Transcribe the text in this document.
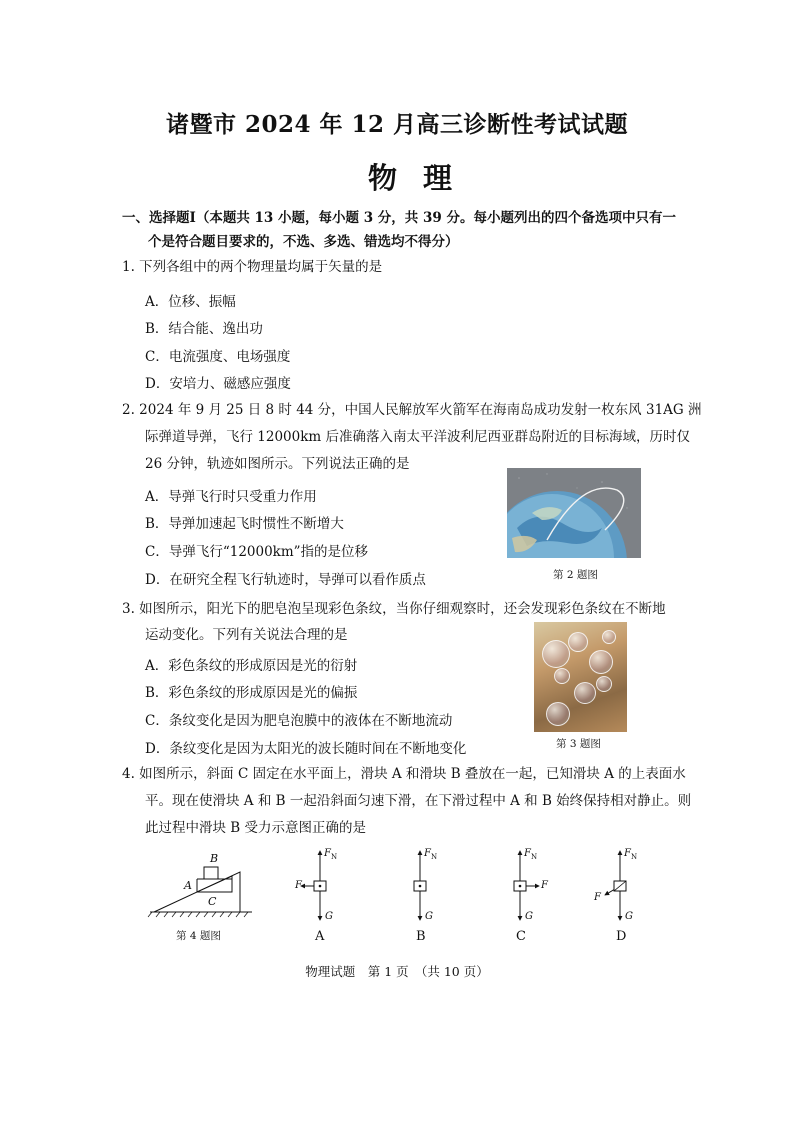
诸暨市 2024 年 12 月高三诊断性考试试题
物理
一、选择题Ⅰ（本题共 13 小题，每小题 3 分，共 39 分。每小题列出的四个备选项中只有一
个是符合题目要求的，不选、多选、错选均不得分）
1. 下列各组中的两个物理量均属于矢量的是
A．位移、振幅
B．结合能、逸出功
C．电流强度、电场强度
D．安培力、磁感应强度
2. 2024 年 9 月 25 日 8 时 44 分，中国人民解放军火箭军在海南岛成功发射一枚东风 31AG 洲
际弹道导弹，飞行 12000km 后准确落入南太平洋波利尼西亚群岛附近的目标海域，历时仅
26 分钟，轨迹如图所示。下列说法正确的是
A．导弹飞行时只受重力作用
B．导弹加速起飞时惯性不断增大
C．导弹飞行“12000km”指的是位移
D．在研究全程飞行轨迹时，导弹可以看作质点	第 2 题图
3. 如图所示，阳光下的肥皂泡呈现彩色条纹，当你仔细观察时，还会发现彩色条纹在不断地
运动变化。下列有关说法合理的是
A．彩色条纹的形成原因是光的衍射
B．彩色条纹的形成原因是光的偏振
C．条纹变化是因为肥皂泡膜中的液体在不断地流动
D．条纹变化是因为太阳光的波长随时间在不断地变化	第 3 题图
4. 如图所示，斜面 C 固定在水平面上，滑块 A 和滑块 B 叠放在一起，已知滑块 A 的上表面水
平。现在使滑块 A 和 B 一起沿斜面匀速下滑，在下滑过程中 A 和 B 始终保持相对静止。则
此过程中滑块 B 受力示意图正确的是
B
A
C
第 4 题图
$F_N$
F
G
$F_N$
G
$F_N$
F
G
$F_N$
F
G
A	B	C	D
物理试题　第 1 页　（共 10 页）
